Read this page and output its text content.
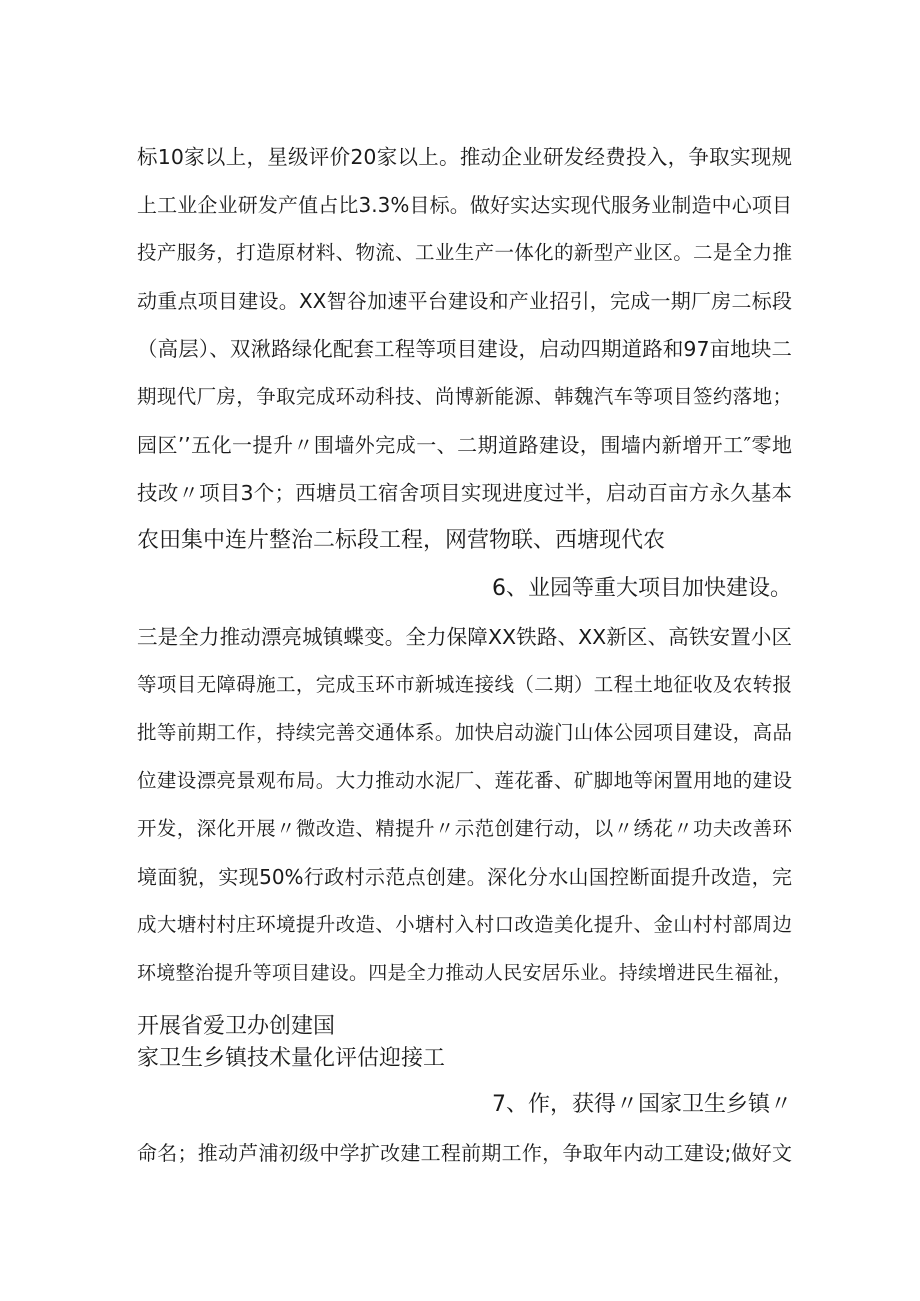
标10家以上，星级评价20家以上。推动企业研发经费投入，争取实现规
上工业企业研发产值占比3.3%目标。做好实达实现代服务业制造中心项目
投产服务，打造原材料、物流、工业生产一体化的新型产业区。二是全力推
动重点项目建设。XX智谷加速平台建设和产业招引，完成一期厂房二标段
（高层）、双湫路绿化配套工程等项目建设，启动四期道路和97亩地块二
期现代厂房，争取完成环动科技、尚博新能源、韩魏汽车等项目签约落地；
园区’’五化一提升〃围墙外完成一、二期道路建设，围墙内新增开工″零地
技改〃项目3个；西塘员工宿舍项目实现进度过半，启动百亩方永久基本
农田集中连片整治二标段工程，网营物联、西塘现代农
6、业园等重大项目加快建设。
三是全力推动漂亮城镇蝶变。全力保障XX铁路、XX新区、高铁安置小区
等项目无障碍施工，完成玉环市新城连接线（二期）工程土地征收及农转报
批等前期工作，持续完善交通体系。加快启动漩门山体公园项目建设，高品
位建设漂亮景观布局。大力推动水泥厂、莲花番、矿脚地等闲置用地的建设
开发，深化开展〃微改造、精提升〃示范创建行动，以〃绣花〃功夫改善环
境面貌，实现50%行政村示范点创建。深化分水山国控断面提升改造，完
成大塘村村庄环境提升改造、小塘村入村口改造美化提升、金山村村部周边
环境整治提升等项目建设。四是全力推动人民安居乐业。持续增进民生福祉，
开展省爱卫办创建国
家卫生乡镇技术量化评估迎接工
7、作，获得〃国家卫生乡镇〃
命名；推动芦浦初级中学扩改建工程前期工作，争取年内动工建设;做好文
